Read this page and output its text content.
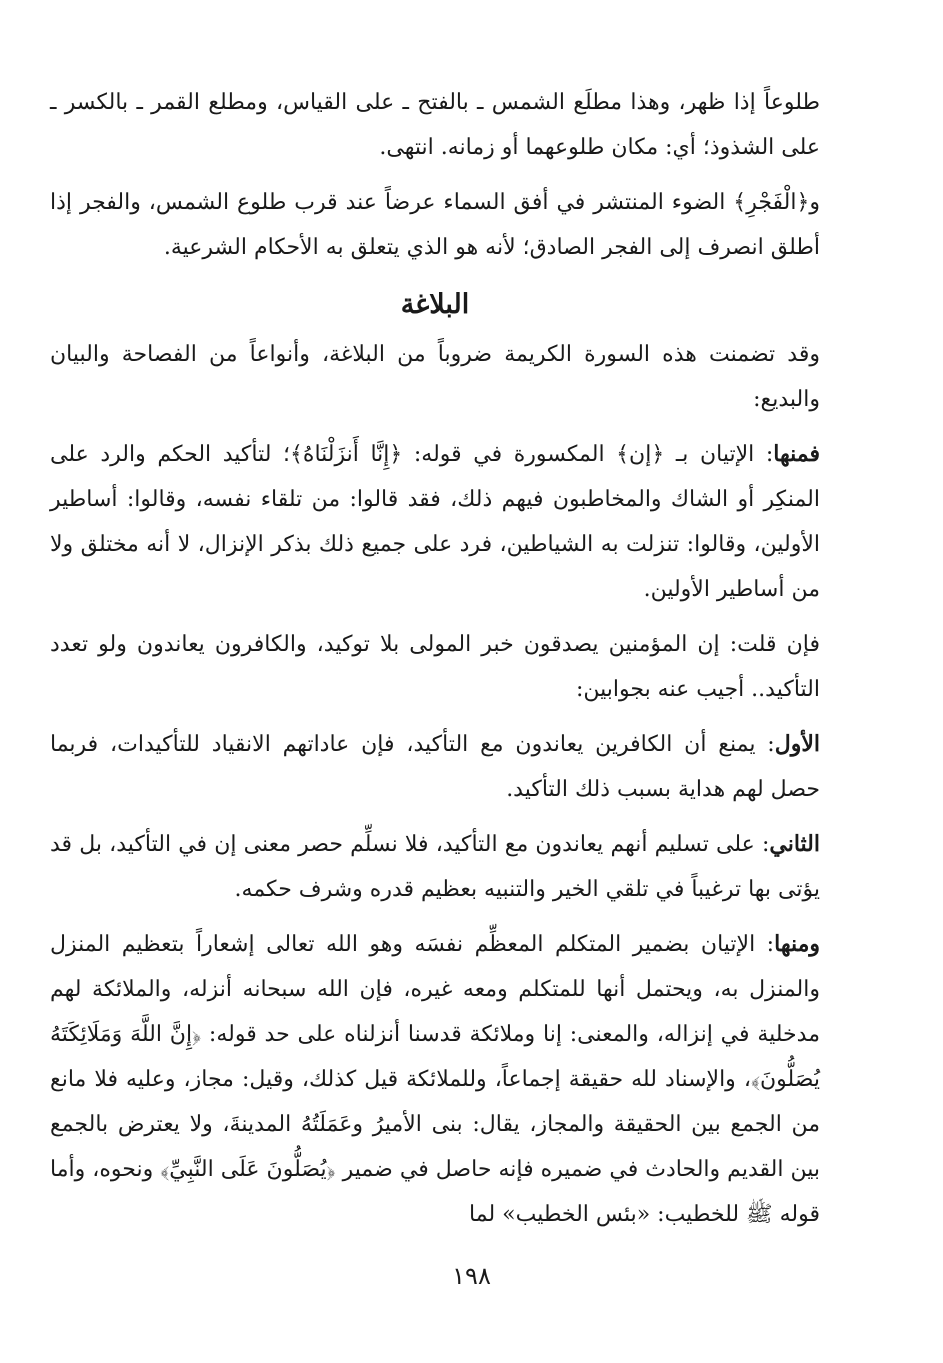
طلوعاً إذا ظهر، وهذا مطلَع الشمس ـ بالفتح ـ على القياس، ومطلع القمر ـ بالكسر ـ على الشذوذ؛ أي: مكان طلوعهما أو زمانه. انتهى.

و﴿الْفَجْرِ﴾ الضوء المنتشر في أفق السماء عرضاً عند قرب طلوع الشمس، والفجر إذا أطلق انصرف إلى الفجر الصادق؛ لأنه هو الذي يتعلق به الأحكام الشرعية.

البلاغة

وقد تضمنت هذه السورة الكريمة ضروباً من البلاغة، وأنواعاً من الفصاحة والبيان والبديع:

فمنها: الإتيان بـ ﴿إن﴾ المكسورة في قوله: ﴿إِنَّا أَنزَلْنَاهُ﴾؛ لتأكيد الحكم والرد على المنكِر أو الشاك والمخاطبون فيهم ذلك، فقد قالوا: من تلقاء نفسه، وقالوا: أساطير الأولين، وقالوا: تنزلت به الشياطين، فرد على جميع ذلك بذكر الإنزال، لا أنه مختلق ولا من أساطير الأولين.

فإن قلت: إن المؤمنين يصدقون خبر المولى بلا توكيد، والكافرون يعاندون ولو تعدد التأكيد.. أجيب عنه بجوابين:

الأول: يمنع أن الكافرين يعاندون مع التأكيد، فإن عاداتهم الانقياد للتأكيدات، فربما حصل لهم هداية بسبب ذلك التأكيد.

الثاني: على تسليم أنهم يعاندون مع التأكيد، فلا نسلِّم حصر معنى إن في التأكيد، بل قد يؤتى بها ترغيباً في تلقي الخير والتنبيه بعظيم قدره وشرف حكمه.

ومنها: الإتيان بضمير المتكلم المعظِّم نفسَه وهو الله تعالى إشعاراً بتعظيم المنزل والمنزل به، ويحتمل أنها للمتكلم ومعه غيره، فإن الله سبحانه أنزله، والملائكة لهم مدخلية في إنزاله، والمعنى: إنا وملائكة قدسنا أنزلناه على حد قوله: ﴿إِنَّ اللَّهَ وَمَلَائِكَتَهُ يُصَلُّونَ﴾، والإسناد لله حقيقة إجماعاً، وللملائكة قيل كذلك، وقيل: مجاز، وعليه فلا مانع من الجمع بين الحقيقة والمجاز، يقال: بنى الأميرُ وعَمَلَتُهُ المدينةَ، ولا يعترض بالجمع بين القديم والحادث في ضميره فإنه حاصل في ضمير ﴿يُصَلُّونَ عَلَى النَّبِيِّ﴾ ونحوه، وأما قوله ﷺ للخطيب: «بئس الخطيب» لما

١٩٨
